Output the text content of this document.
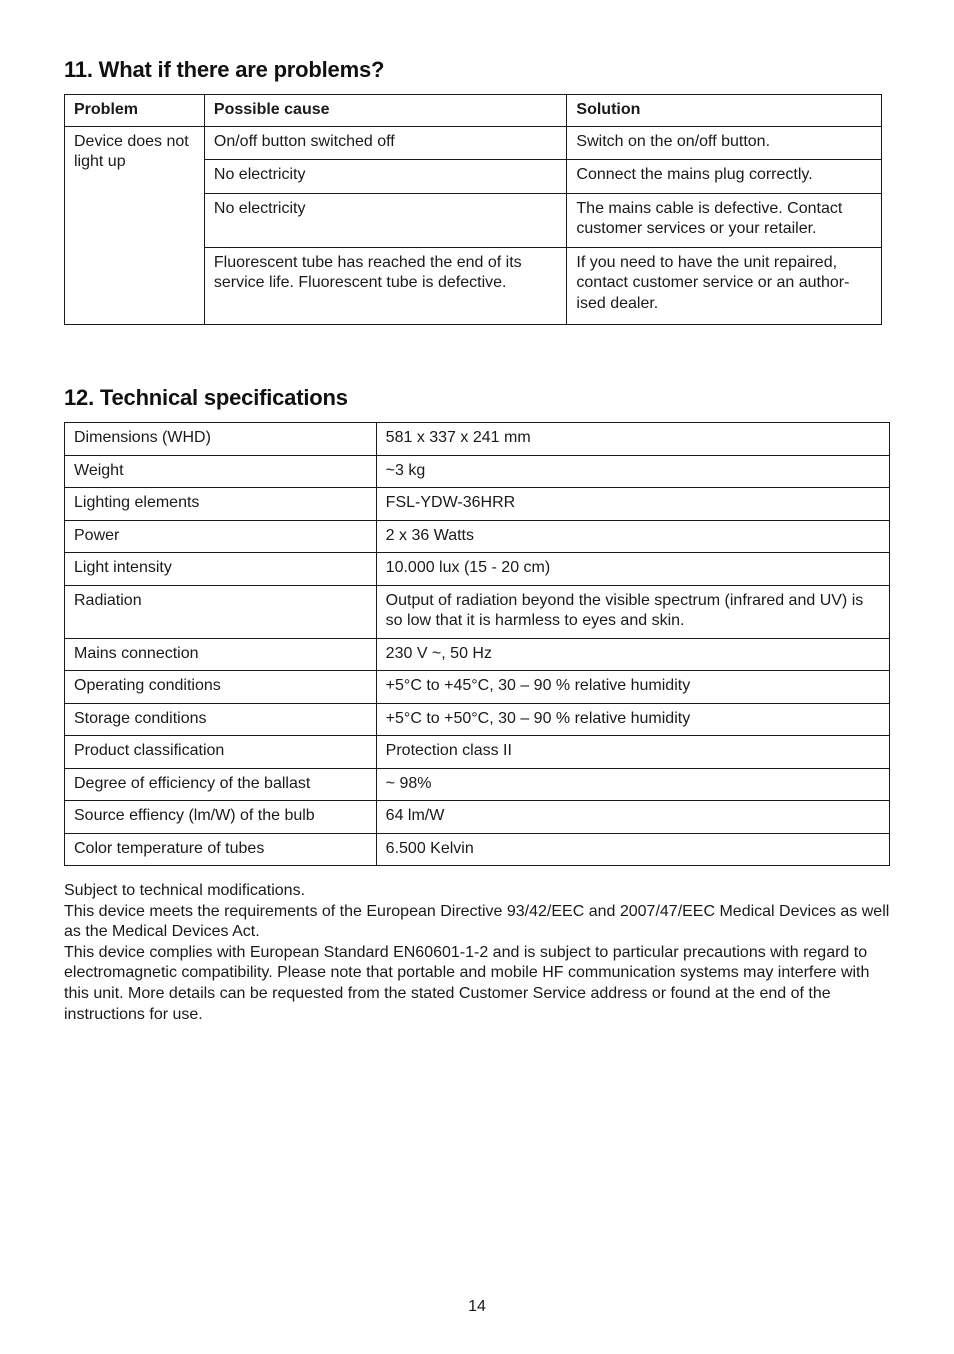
11. What if there are problems?
Problem	Possible cause	Solution
Device does not light up	On/off button switched off	Switch on the on/off button.
	No electricity	Connect the mains plug correctly.
	No electricity	The mains cable is defective. Contact customer services or your retailer.
	Fluorescent tube has reached the end of its service life. Fluorescent tube is defective.	If you need to have the unit repaired, contact customer service or an author-ised dealer.
12. Technical specifications
Dimensions (WHD)	581 x 337 x 241 mm
Weight	~3 kg
Lighting elements	FSL-YDW-36HRR
Power	2 x 36 Watts
Light intensity	10.000 lux (15 - 20 cm)
Radiation	Output of radiation beyond the visible spectrum (infrared and UV) is so low that it is harmless to eyes and skin.
Mains connection	230 V ~, 50 Hz
Operating conditions	+5°C to +45°C, 30 – 90 % relative humidity
Storage conditions	+5°C to +50°C, 30 – 90 % relative humidity
Product classification	Protection class II
Degree of efficiency of the ballast	~ 98%
Source effiency (lm/W) of the bulb	64 lm/W
Color temperature of tubes	6.500 Kelvin

Subject to technical modifications.

This device meets the requirements of the European Directive 93/42/EEC and 2007/47/EEC Medical Devices as well as the Medical Devices Act.

This device complies with European Standard EN60601-1-2 and is subject to particular precautions with regard to electromagnetic compatibility. Please note that portable and mobile HF communication systems may interfere with this unit. More details can be requested from the stated Customer Service address or found at the end of the instructions for use.

14
